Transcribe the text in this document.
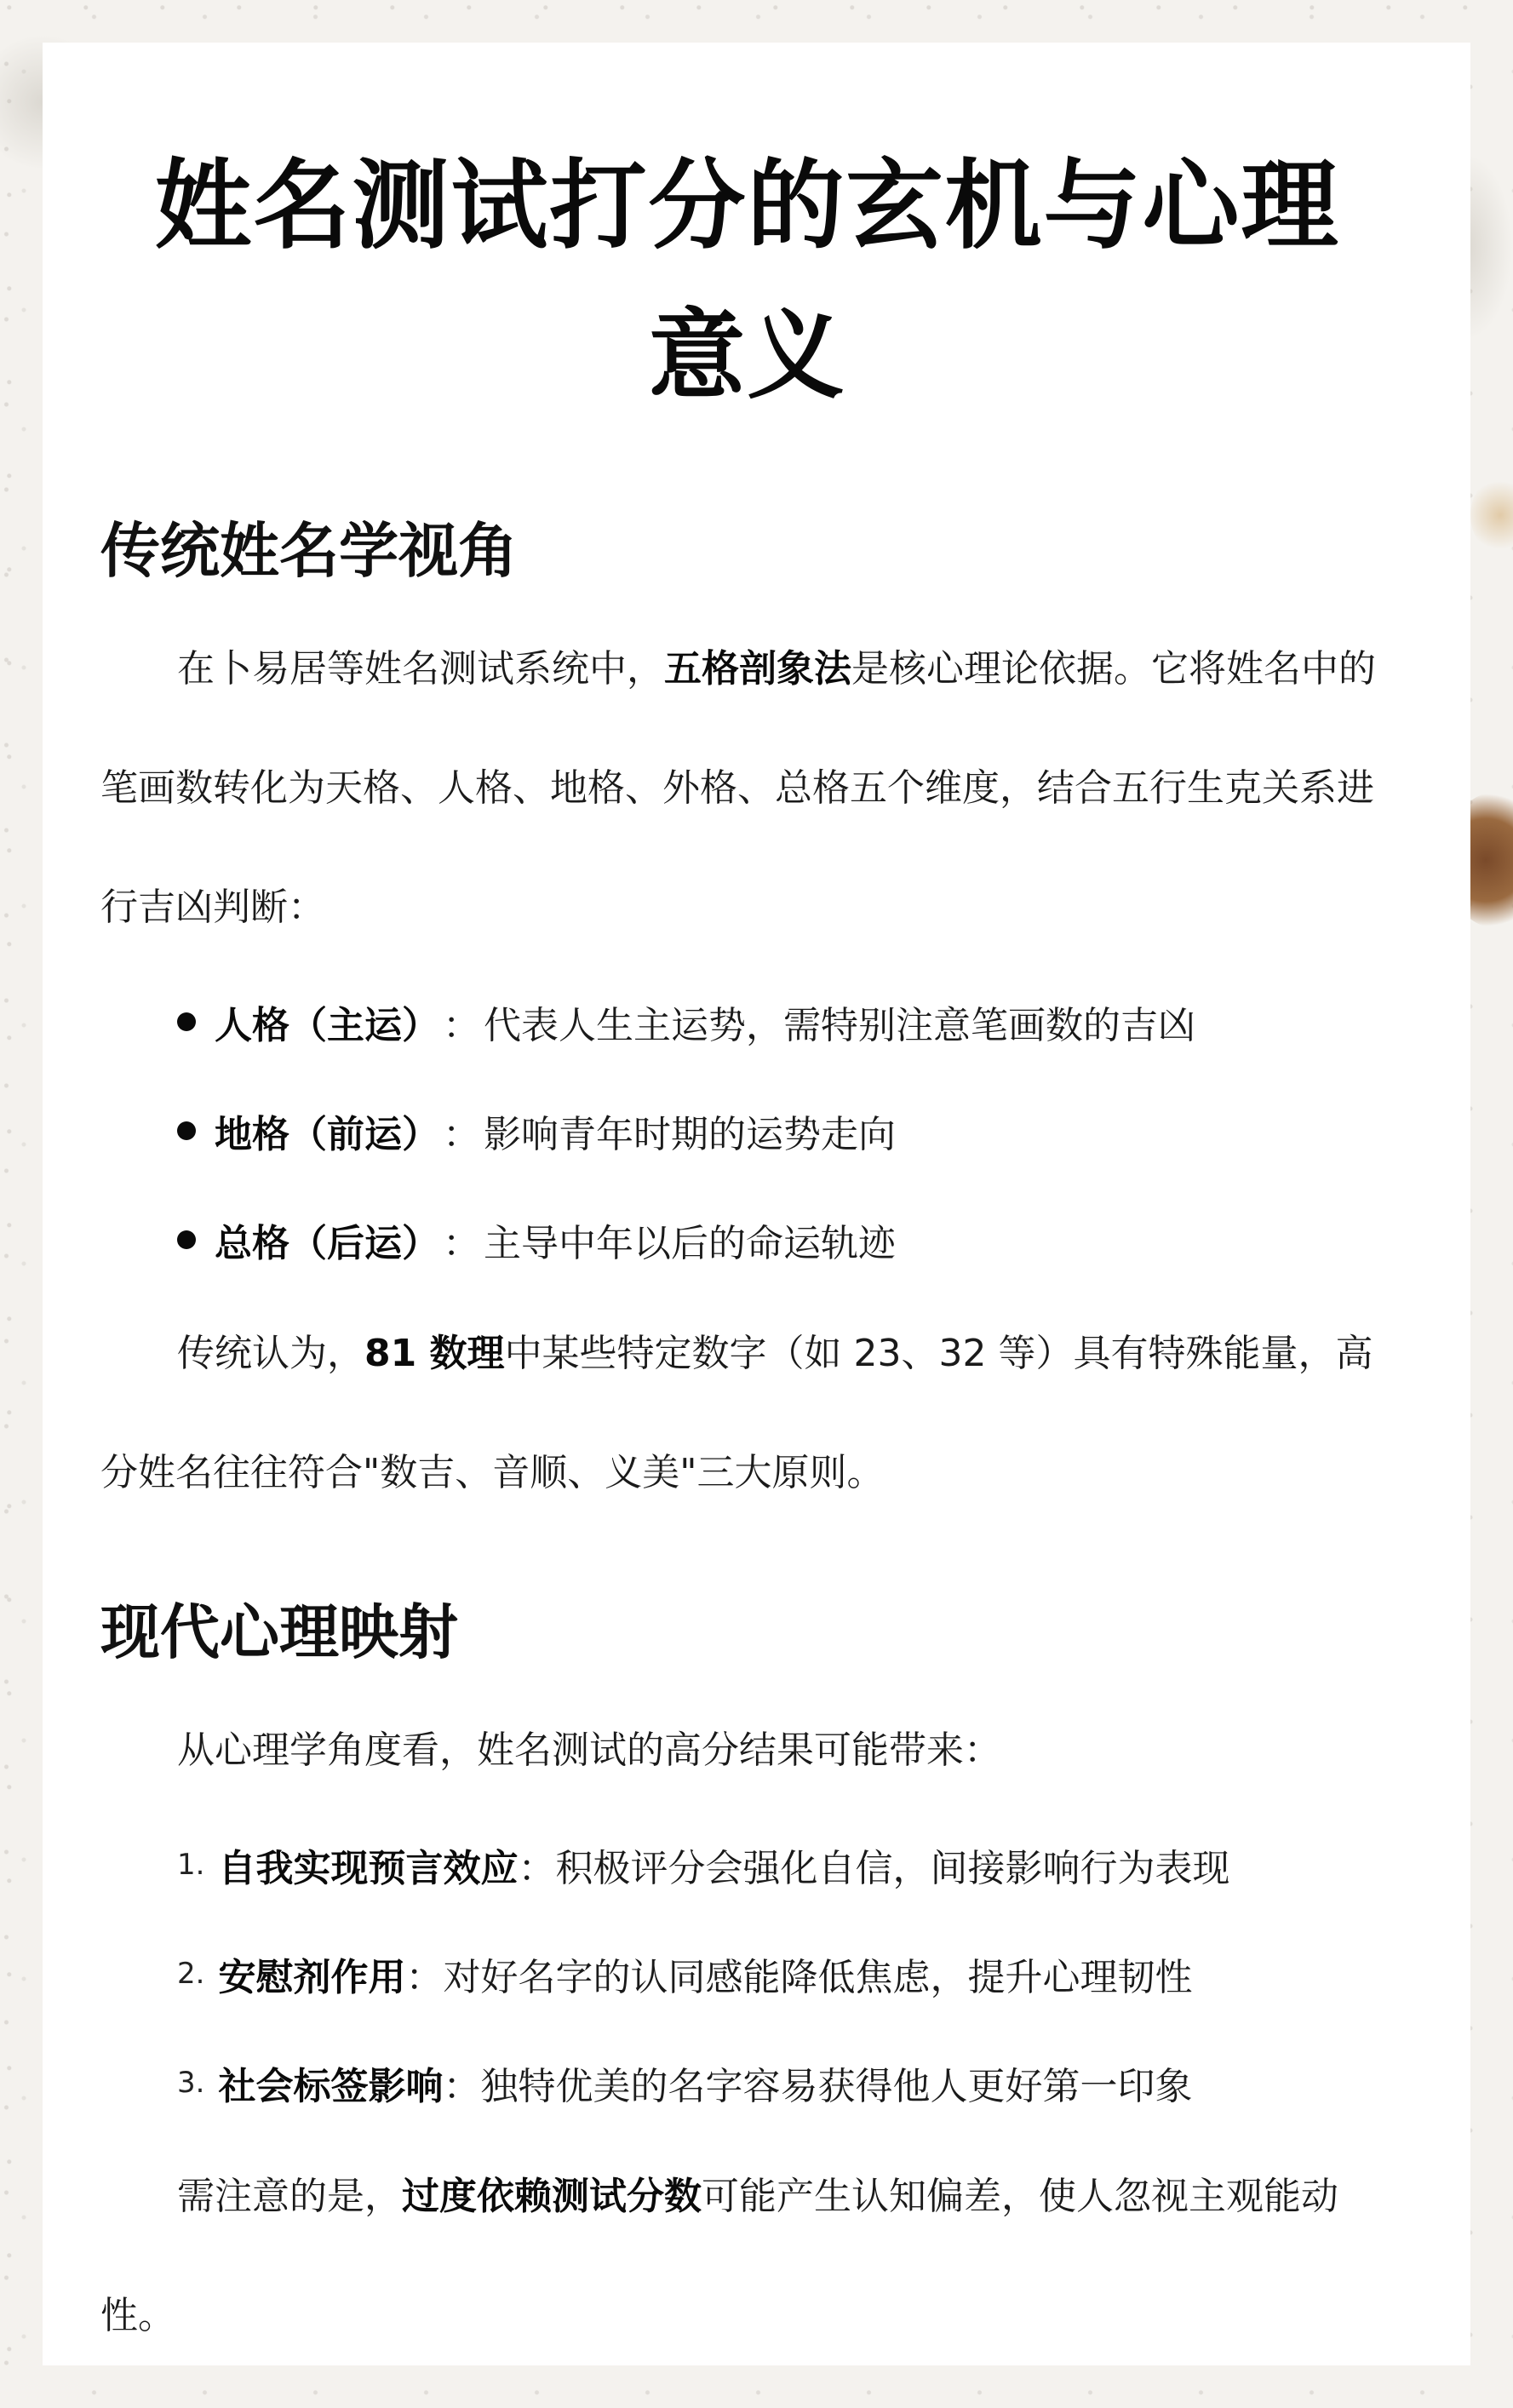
姓名测试打分的玄机与心理意义
传统姓名学视角

在卜易居等姓名测试系统中，五格剖象法是核心理论依据。它将姓名中的笔画数转化为天格、人格、地格、外格、总格五个维度，结合五行生克关系进行吉凶判断：

人格（主运） ： 代表人生主运势，需特别注意笔画数的吉凶
地格（前运） ： 影响青年时期的运势走向
总格（后运） ： 主导中年以后的命运轨迹

传统认为，81 数理中某些特定数字（如 23、32 等）具有特殊能量，高分姓名往往符合"数吉、音顺、义美"三大原则。

现代心理映射

从心理学角度看，姓名测试的高分结果可能带来：

1. 自我实现预言效应 ： 积极评分会强化自信，间接影响行为表现
2. 安慰剂作用 ： 对好名字的认同感能降低焦虑，提升心理韧性
3. 社会标签影响 ： 独特优美的名字容易获得他人更好第一印象

需注意的是，过度依赖测试分数可能产生认知偏差，使人忽视主观能动性。
